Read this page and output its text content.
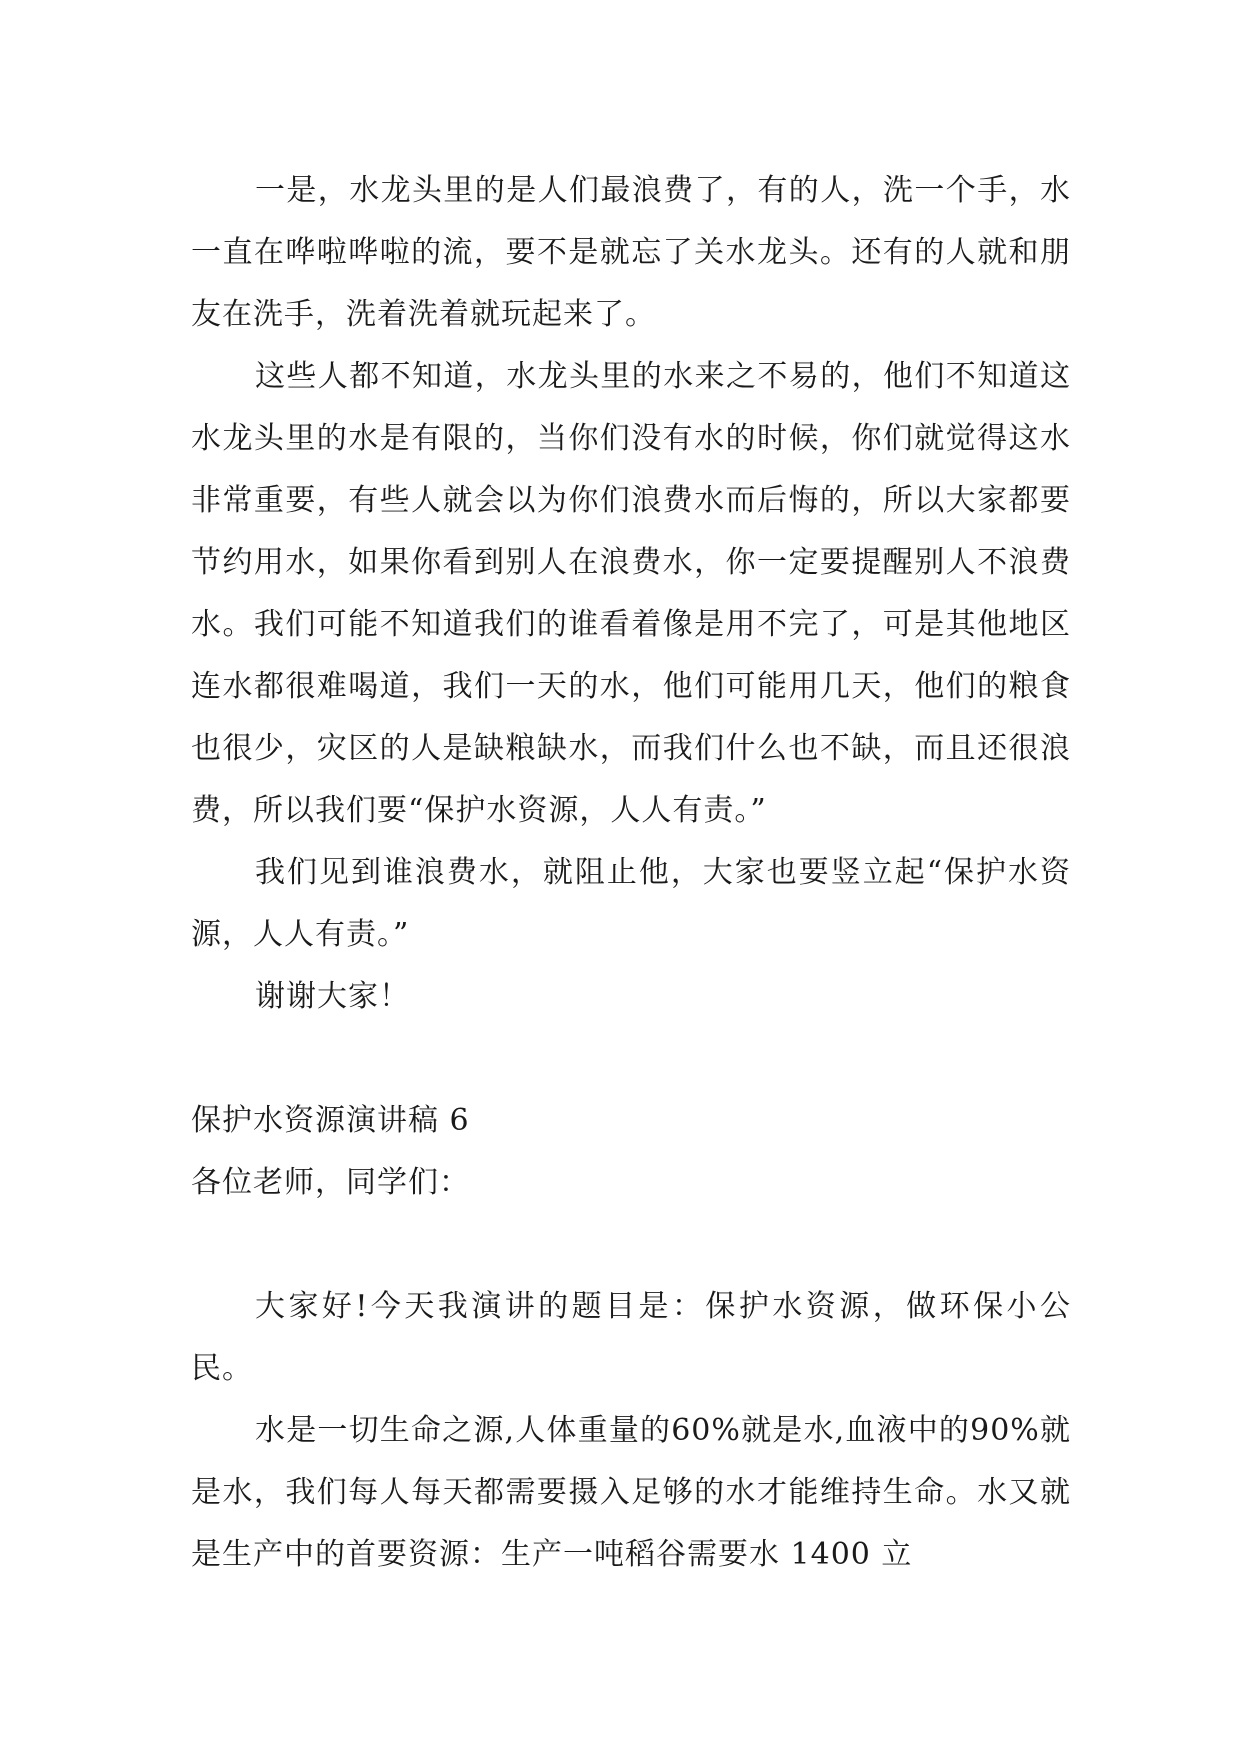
一是，水龙头里的是人们最浪费了，有的人，洗一个手，水一直在哗啦哗啦的流，要不是就忘了关水龙头。还有的人就和朋友在洗手，洗着洗着就玩起来了。

这些人都不知道，水龙头里的水来之不易的，他们不知道这水龙头里的水是有限的，当你们没有水的时候，你们就觉得这水非常重要，有些人就会以为你们浪费水而后悔的，所以大家都要节约用水，如果你看到别人在浪费水，你一定要提醒别人不浪费水。我们可能不知道我们的谁看着像是用不完了，可是其他地区连水都很难喝道，我们一天的水，他们可能用几天，他们的粮食也很少，灾区的人是缺粮缺水，而我们什么也不缺，而且还很浪费，所以我们要“保护水资源，人人有责。”

我们见到谁浪费水，就阻止他，大家也要竖立起“保护水资源，人人有责。”

谢谢大家！

保护水资源演讲稿 6

各位老师，同学们：

大家好!今天我演讲的题目是：保护水资源，做环保小公民。

水是一切生命之源,人体重量的60%就是水,血液中的90%就是水，我们每人每天都需要摄入足够的水才能维持生命。水又就是生产中的首要资源：生产一吨稻谷需要水 1400 立
